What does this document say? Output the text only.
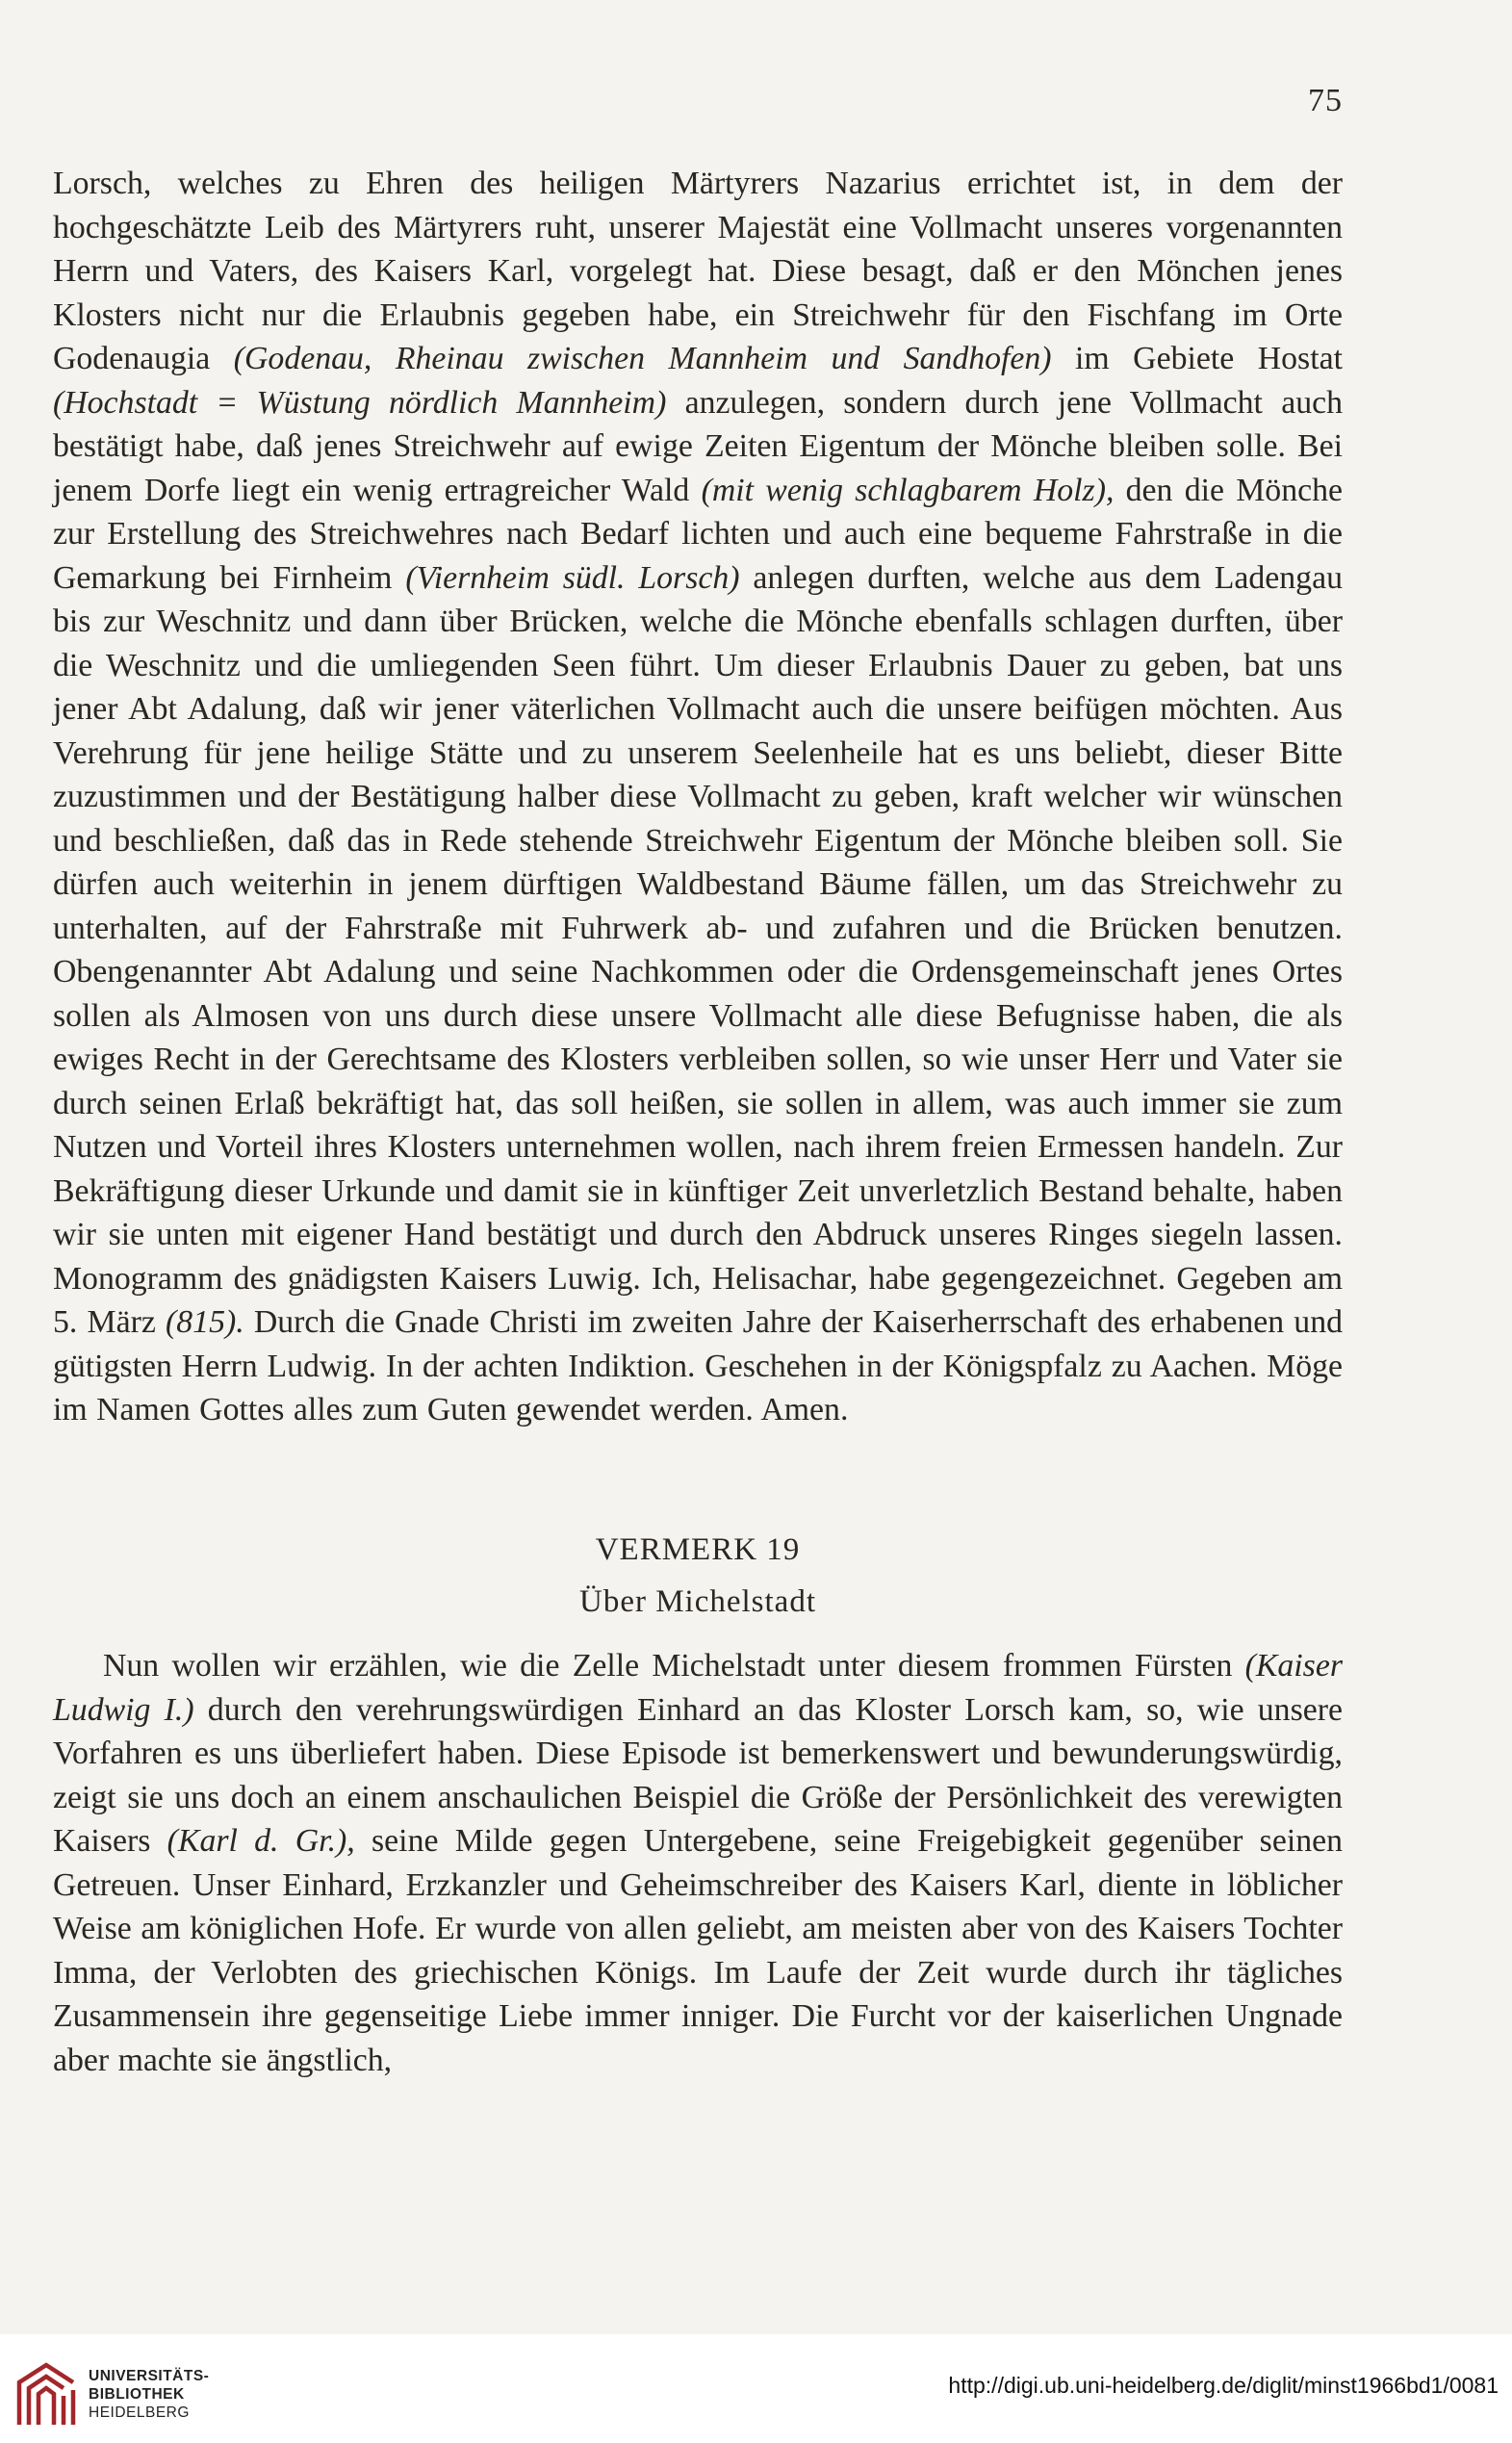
75

Lorsch, welches zu Ehren des heiligen Märtyrers Nazarius errichtet ist, in dem der hochgeschätzte Leib des Märtyrers ruht, unserer Majestät eine Vollmacht unseres vorgenannten Herrn und Vaters, des Kaisers Karl, vorgelegt hat. Diese besagt, daß er den Mönchen jenes Klosters nicht nur die Erlaubnis gegeben habe, ein Streichwehr für den Fischfang im Orte Godenaugia (Godenau, Rheinau zwischen Mannheim und Sandhofen) im Gebiete Hostat (Hochstadt = Wüstung nördlich Mannheim) anzulegen, sondern durch jene Vollmacht auch bestätigt habe, daß jenes Streichwehr auf ewige Zeiten Eigentum der Mönche bleiben solle. Bei jenem Dorfe liegt ein wenig ertragreicher Wald (mit wenig schlagbarem Holz), den die Mönche zur Erstellung des Streichwehres nach Bedarf lichten und auch eine bequeme Fahrstraße in die Gemarkung bei Firnheim (Viernheim südl. Lorsch) anlegen durften, welche aus dem Ladengau bis zur Weschnitz und dann über Brücken, welche die Mönche ebenfalls schlagen durften, über die Weschnitz und die umliegenden Seen führt. Um dieser Erlaubnis Dauer zu geben, bat uns jener Abt Adalung, daß wir jener väterlichen Vollmacht auch die unsere beifügen möchten. Aus Verehrung für jene heilige Stätte und zu unserem Seelenheile hat es uns beliebt, dieser Bitte zuzustimmen und der Bestätigung halber diese Vollmacht zu geben, kraft welcher wir wünschen und beschließen, daß das in Rede stehende Streichwehr Eigentum der Mönche bleiben soll. Sie dürfen auch weiterhin in jenem dürftigen Waldbestand Bäume fällen, um das Streichwehr zu unterhalten, auf der Fahrstraße mit Fuhrwerk ab- und zufahren und die Brücken benutzen. Obengenannter Abt Adalung und seine Nachkommen oder die Ordensgemeinschaft jenes Ortes sollen als Almosen von uns durch diese unsere Vollmacht alle diese Befugnisse haben, die als ewiges Recht in der Gerechtsame des Klosters verbleiben sollen, so wie unser Herr und Vater sie durch seinen Erlaß bekräftigt hat, das soll heißen, sie sollen in allem, was auch immer sie zum Nutzen und Vorteil ihres Klosters unternehmen wollen, nach ihrem freien Ermessen handeln. Zur Bekräftigung dieser Urkunde und damit sie in künftiger Zeit unverletzlich Bestand behalte, haben wir sie unten mit eigener Hand bestätigt und durch den Abdruck unseres Ringes siegeln lassen. Monogramm des gnädigsten Kaisers Luwig. Ich, Helisachar, habe gegengezeichnet. Gegeben am 5. März (815). Durch die Gnade Christi im zweiten Jahre der Kaiserherrschaft des erhabenen und gütigsten Herrn Ludwig. In der achten Indiktion. Geschehen in der Königspfalz zu Aachen. Möge im Namen Gottes alles zum Guten gewendet werden. Amen.

VERMERK 19
Über Michelstadt

Nun wollen wir erzählen, wie die Zelle Michelstadt unter diesem frommen Fürsten (Kaiser Ludwig I.) durch den verehrungswürdigen Einhard an das Kloster Lorsch kam, so, wie unsere Vorfahren es uns überliefert haben. Diese Episode ist bemerkenswert und bewunderungswürdig, zeigt sie uns doch an einem anschaulichen Beispiel die Größe der Persönlichkeit des verewigten Kaisers (Karl d. Gr.), seine Milde gegen Untergebene, seine Freigebigkeit gegenüber seinen Getreuen. Unser Einhard, Erzkanzler und Geheimschreiber des Kaisers Karl, diente in löblicher Weise am königlichen Hofe. Er wurde von allen geliebt, am meisten aber von des Kaisers Tochter Imma, der Verlobten des griechischen Königs. Im Laufe der Zeit wurde durch ihr tägliches Zusammensein ihre gegenseitige Liebe immer inniger. Die Furcht vor der kaiserlichen Ungnade aber machte sie ängstlich,

UNIVERSITÄTS-
BIBLIOTHEK
HEIDELBERG
http://digi.ub.uni-heidelberg.de/diglit/minst1966bd1/0081
